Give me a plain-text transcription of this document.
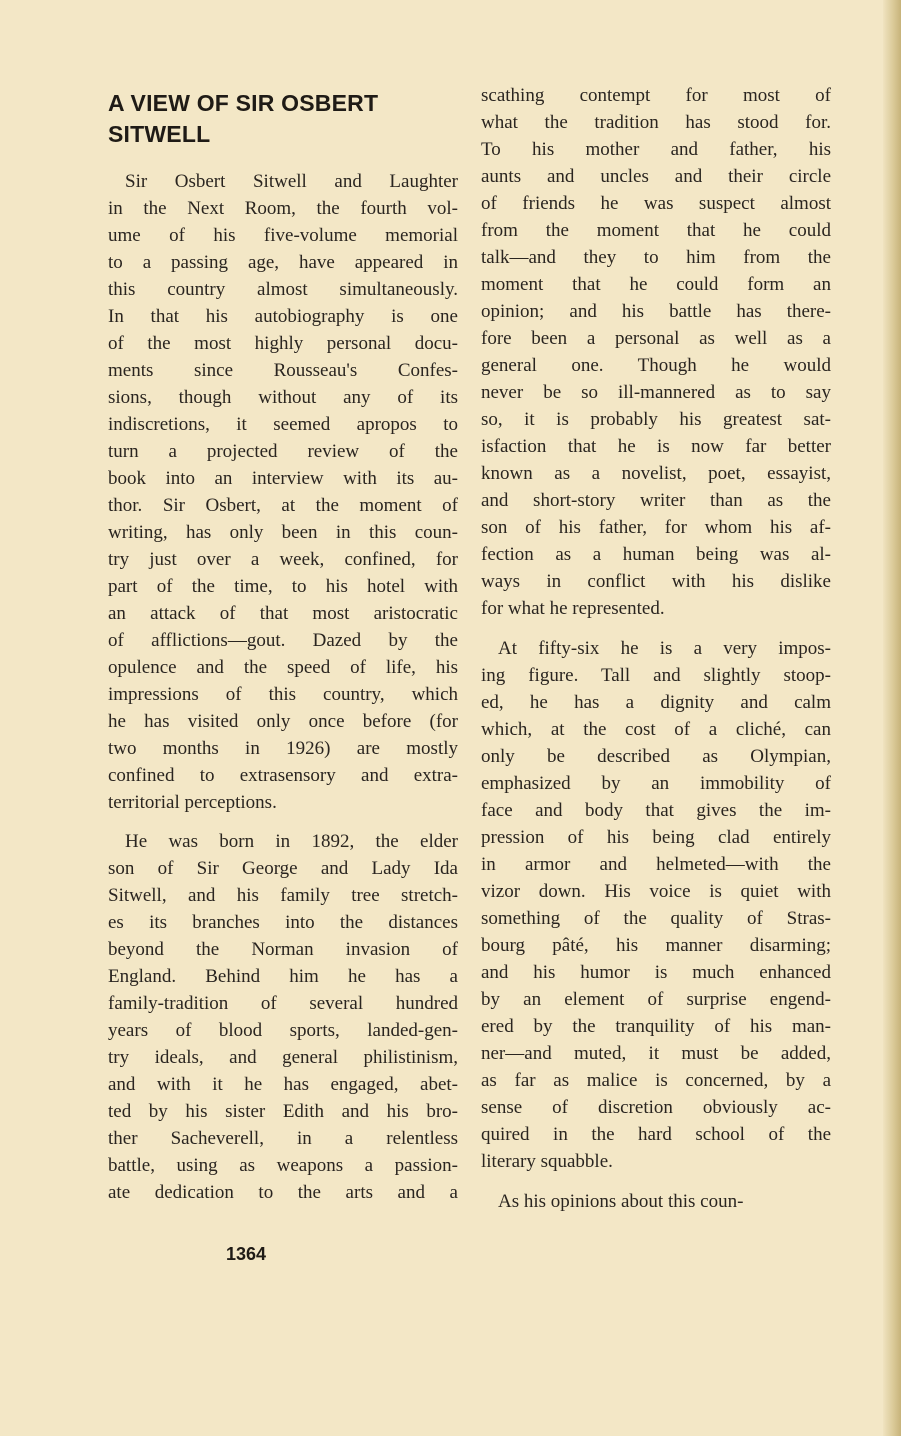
A VIEW OF SIR OSBERT
SITWELL
Sir Osbert Sitwell and Laughter
in the Next Room, the fourth vol-
ume of his five-volume memorial
to a passing age, have appeared in
this country almost simultaneously.
In that his autobiography is one
of the most highly personal docu-
ments since Rousseau's Confes-
sions, though without any of its
indiscretions, it seemed apropos to
turn a projected review of the
book into an interview with its au-
thor. Sir Osbert, at the moment of
writing, has only been in this coun-
try just over a week, confined, for
part of the time, to his hotel with
an attack of that most aristocratic
of afflictions—gout. Dazed by the
opulence and the speed of life, his
impressions of this country, which
he has visited only once before (for
two months in 1926) are mostly
confined to extrasensory and extra-
territorial perceptions.
He was born in 1892, the elder
son of Sir George and Lady Ida
Sitwell, and his family tree stretch-
es its branches into the distances
beyond the Norman invasion of
England. Behind him he has a
family-tradition of several hundred
years of blood sports, landed-gen-
try ideals, and general philistinism,
and with it he has engaged, abet-
ted by his sister Edith and his bro-
ther Sacheverell, in a relentless
battle, using as weapons a passion-
ate dedication to the arts and a
scathing contempt for most of
what the tradition has stood for.
To his mother and father, his
aunts and uncles and their circle
of friends he was suspect almost
from the moment that he could
talk—and they to him from the
moment that he could form an
opinion; and his battle has there-
fore been a personal as well as a
general one. Though he would
never be so ill-mannered as to say
so, it is probably his greatest sat-
isfaction that he is now far better
known as a novelist, poet, essayist,
and short-story writer than as the
son of his father, for whom his af-
fection as a human being was al-
ways in conflict with his dislike
for what he represented.
At fifty-six he is a very impos-
ing figure. Tall and slightly stoop-
ed, he has a dignity and calm
which, at the cost of a cliché, can
only be described as Olympian,
emphasized by an immobility of
face and body that gives the im-
pression of his being clad entirely
in armor and helmeted—with the
vizor down. His voice is quiet with
something of the quality of Stras-
bourg pâté, his manner disarming;
and his humor is much enhanced
by an element of surprise engend-
ered by the tranquility of his man-
ner—and muted, it must be added,
as far as malice is concerned, by a
sense of discretion obviously ac-
quired in the hard school of the
literary squabble.
As his opinions about this coun-
1364
